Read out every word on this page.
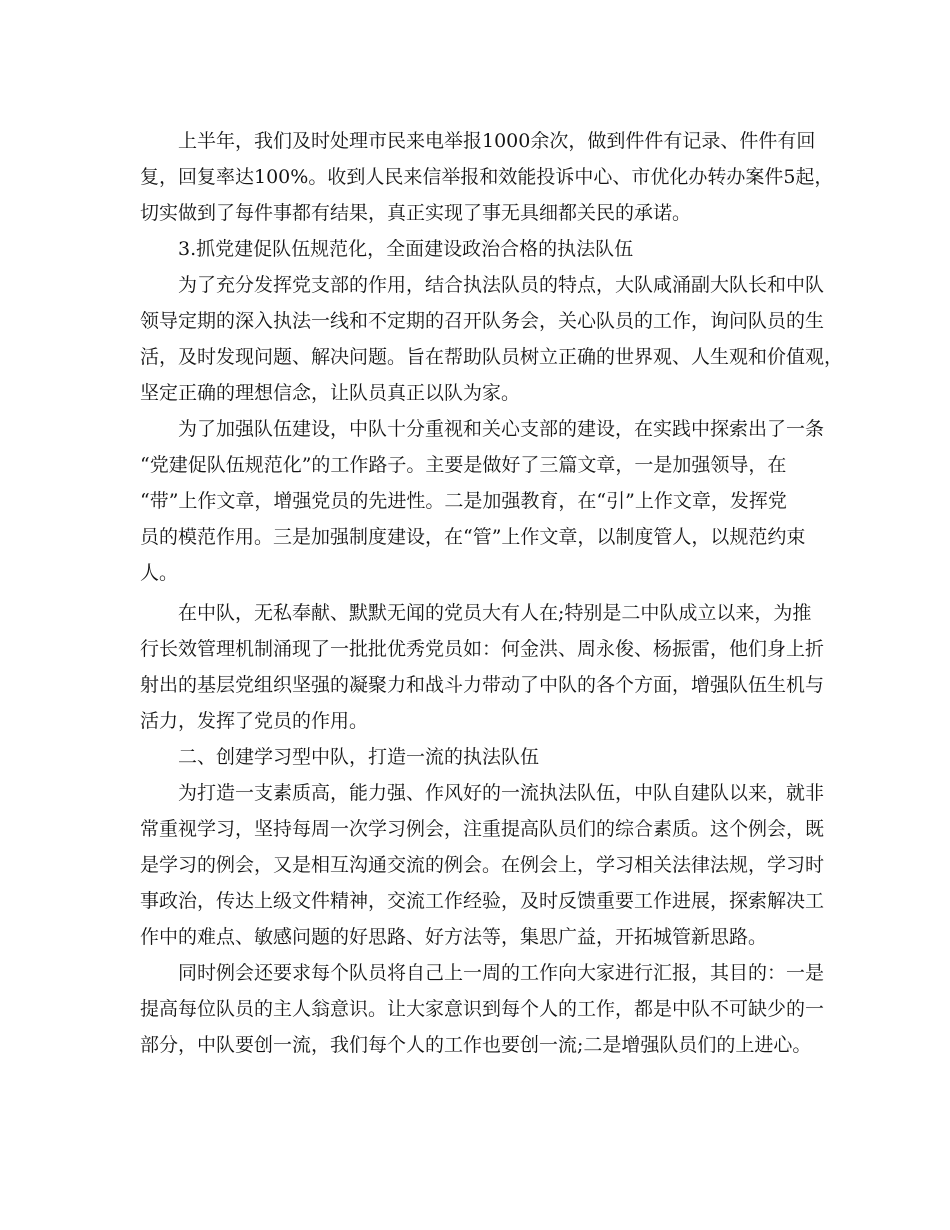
上半年，我们及时处理市民来电举报1000余次，做到件件有记录、件件有回
复，回复率达100%。收到人民来信举报和效能投诉中心、市优化办转办案件5起，
切实做到了每件事都有结果，真正实现了事无具细都关民的承诺。
3.抓党建促队伍规范化，全面建设政治合格的执法队伍
为了充分发挥党支部的作用，结合执法队员的特点，大队咸涌副大队长和中队
领导定期的深入执法一线和不定期的召开队务会，关心队员的工作，询问队员的生
活，及时发现问题、解决问题。旨在帮助队员树立正确的世界观、人生观和价值观，
坚定正确的理想信念，让队员真正以队为家。
为了加强队伍建设，中队十分重视和关心支部的建设，在实践中探索出了一条
“党建促队伍规范化”的工作路子。主要是做好了三篇文章，一是加强领导，在
“带”上作文章，增强党员的先进性。二是加强教育，在“引”上作文章，发挥党
员的模范作用。三是加强制度建设，在“管”上作文章，以制度管人，以规范约束
人。
在中队，无私奉献、默默无闻的党员大有人在;特别是二中队成立以来，为推
行长效管理机制涌现了一批批优秀党员如：何金洪、周永俊、杨振雷，他们身上折
射出的基层党组织坚强的凝聚力和战斗力带动了中队的各个方面，增强队伍生机与
活力，发挥了党员的作用。
二、创建学习型中队，打造一流的执法队伍
为打造一支素质高，能力强、作风好的一流执法队伍，中队自建队以来，就非
常重视学习，坚持每周一次学习例会，注重提高队员们的综合素质。这个例会，既
是学习的例会，又是相互沟通交流的例会。在例会上，学习相关法律法规，学习时
事政治，传达上级文件精神，交流工作经验，及时反馈重要工作进展，探索解决工
作中的难点、敏感问题的好思路、好方法等，集思广益，开拓城管新思路。
同时例会还要求每个队员将自己上一周的工作向大家进行汇报，其目的：一是
提高每位队员的主人翁意识。让大家意识到每个人的工作，都是中队不可缺少的一
部分，中队要创一流，我们每个人的工作也要创一流;二是增强队员们的上进心。
